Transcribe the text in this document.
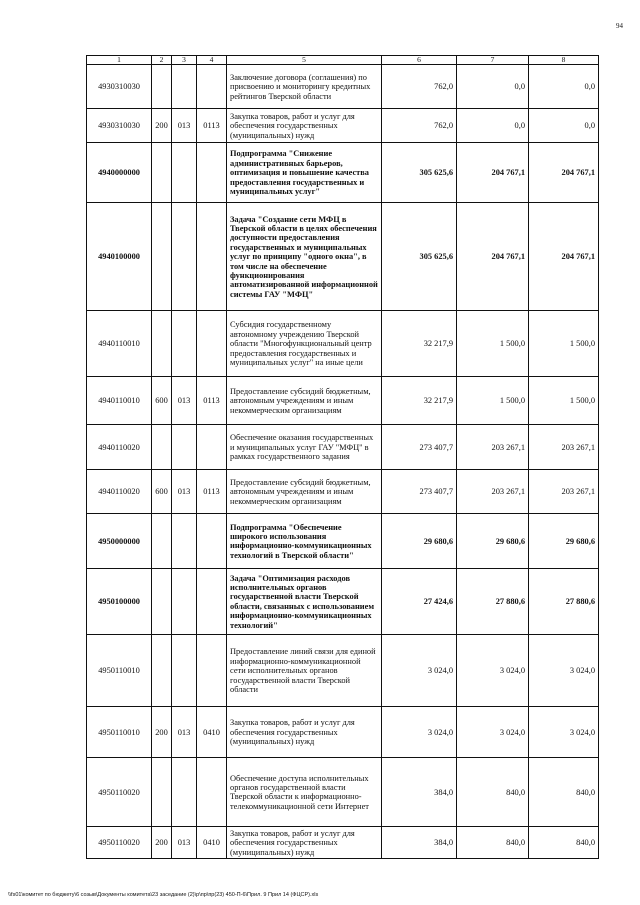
94
1	2	3	4	5	6	7	8
4930310030				Заключение договора (соглашения) по присвоению и мониторингу кредитных рейтингов Тверской области	762,0	0,0	0,0
4930310030	200	013	0113	Закупка товаров, работ и услуг для обеспечения государственных (муниципальных) нужд	762,0	0,0	0,0
4940000000				Подпрограмма "Снижение административных барьеров, оптимизация и повышение качества предоставления государственных и муниципальных услуг"	305 625,6	204 767,1	204 767,1
4940100000				Задача "Создание сети МФЦ в Тверской области в целях обеспечения доступности предоставления государственных и муниципальных услуг по принципу "одного окна", в том числе на обеспечение функционирования автоматизированной информационной системы ГАУ "МФЦ"	305 625,6	204 767,1	204 767,1
4940110010				Субсидия государственному автономному учреждению Тверской области "Многофункциональный центр предоставления государственных и муниципальных услуг" на иные цели	32 217,9	1 500,0	1 500,0
4940110010	600	013	0113	Предоставление субсидий бюджетным, автономным учреждениям и иным некоммерческим организациям	32 217,9	1 500,0	1 500,0
4940110020				Обеспечение оказания государственных и муниципальных услуг ГАУ "МФЦ" в рамках государственного задания	273 407,7	203 267,1	203 267,1
4940110020	600	013	0113	Предоставление субсидий бюджетным, автономным учреждениям и иным некоммерческим организациям	273 407,7	203 267,1	203 267,1
4950000000				Подпрограмма "Обеспечение широкого использования информационно-коммуникационных технологий в Тверской области"	29 680,6	29 680,6	29 680,6
4950100000				Задача "Оптимизация расходов исполнительных органов государственной власти Тверской области, связанных с использованием информационно-коммуникационных технологий"	27 424,6	27 880,6	27 880,6
4950110010				Предоставление линий связи для единой информационно-коммуникационной сети исполнительных органов государственной власти Тверской области	3 024,0	3 024,0	3 024,0
4950110010	200	013	0410	Закупка товаров, работ и услуг для обеспечения государственных (муниципальных) нужд	3 024,0	3 024,0	3 024,0
4950110020				Обеспечение доступа исполнительных органов государственной власти Тверской области к информационно-телекоммуникационной сети Интернет	384,0	840,0	840,0
4950110020	200	013	0410	Закупка товаров, работ и услуг для обеспечения государственных (муниципальных) нужд	384,0	840,0	840,0
\\fs01\комитет по бюджету\6 созыв\Документы комитета\23 заседание (2)\р\пр\пр(23) 450-П-6\Прил. 9 Прил 14 (ФЦСР).xls
